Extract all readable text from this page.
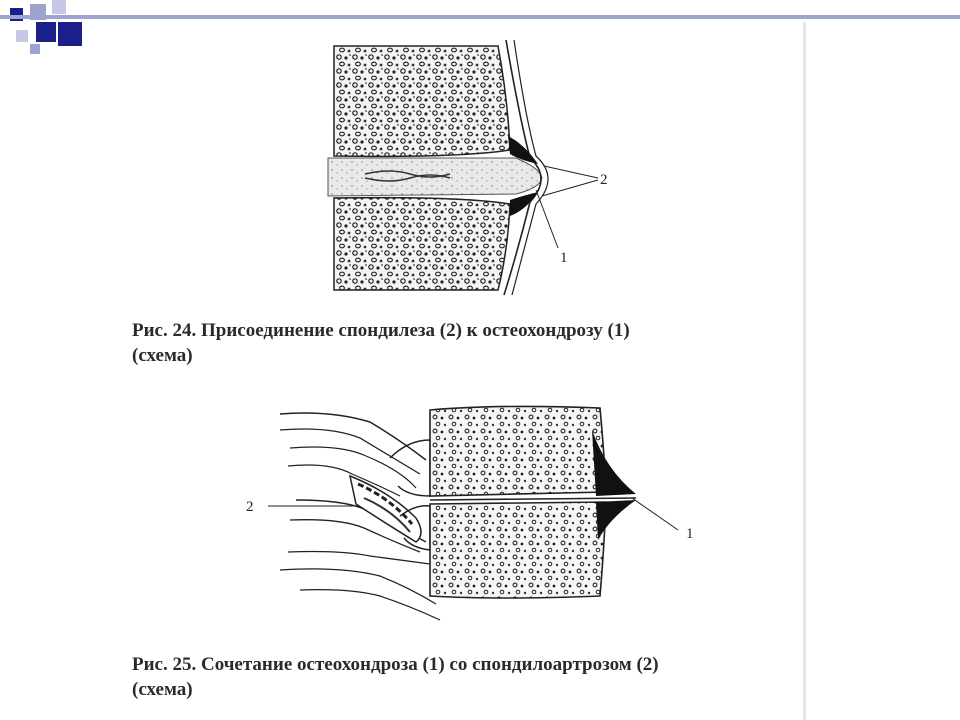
2
1
Рис. 24. Присоединение спондилеза (2) к остеохондрозу (1)
(схема)
1
2
Рис. 25. Сочетание остеохондроза (1) со спондилоартрозом (2)
(схема)
